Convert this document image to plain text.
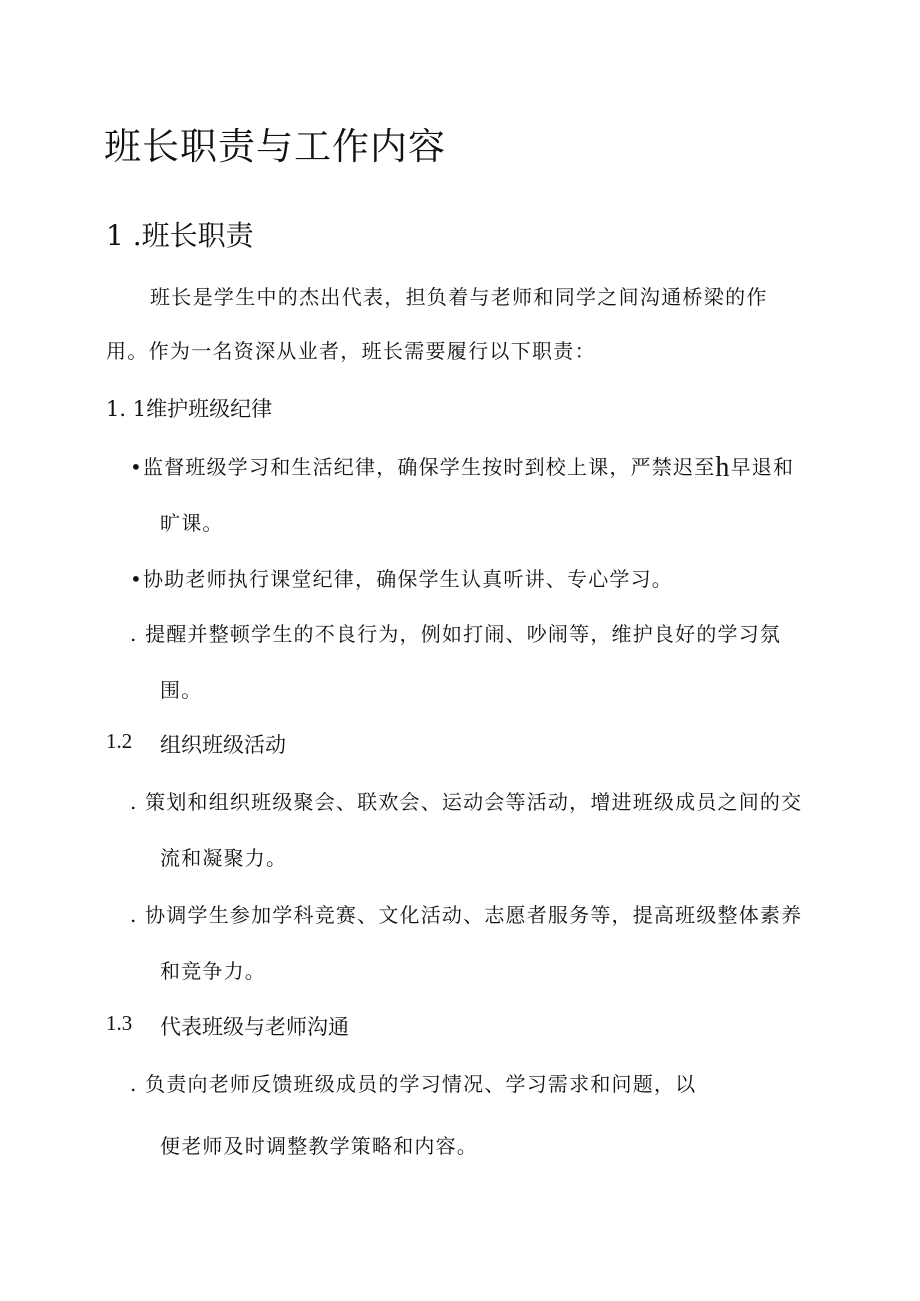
班长职责与工作内容
1 .班长职责
班长是学生中的杰出代表，担负着与老师和同学之间沟通桥梁的作
用。作为一名资深从业者，班长需要履行以下职责：
1. 1维护班级纪律
•监督班级学习和生活纪律，确保学生按时到校上课，严禁迟至h早退和
旷课。
•协助老师执行课堂纪律，确保学生认真听讲、专心学习。
. 提醒并整顿学生的不良行为，例如打闹、吵闹等，维护良好的学习氛
围。
1.2 组织班级活动
. 策划和组织班级聚会、联欢会、运动会等活动，增进班级成员之间的交
流和凝聚力。
. 协调学生参加学科竞赛、文化活动、志愿者服务等，提高班级整体素养
和竞争力。
1.3 代表班级与老师沟通
. 负责向老师反馈班级成员的学习情况、学习需求和问题，以
便老师及时调整教学策略和内容。
